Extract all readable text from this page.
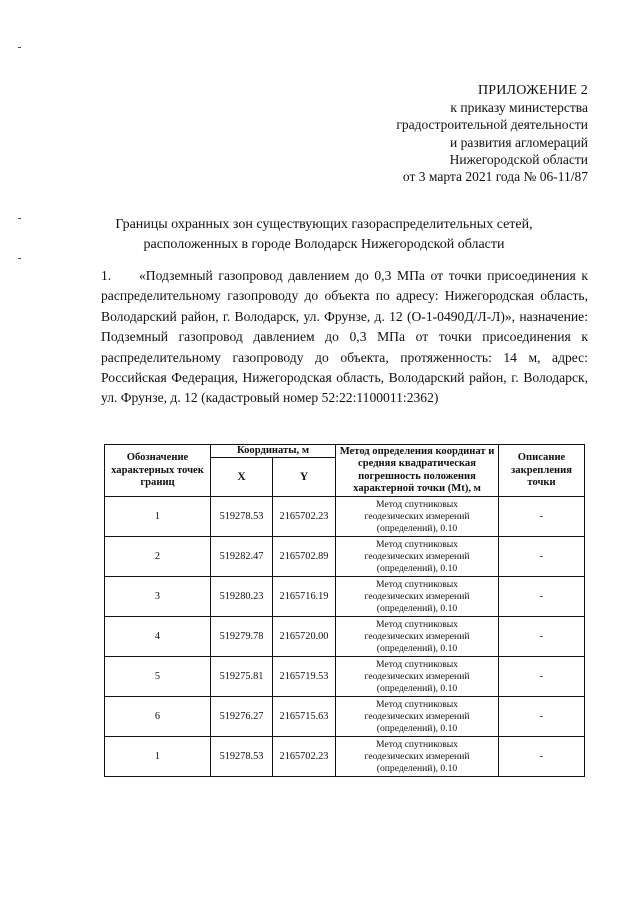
ПРИЛОЖЕНИЕ 2
к приказу министерства
градостроительной деятельности
и развития агломераций
Нижегородской области
от 3 марта 2021 года № 06-11/87
Границы охранных зон существующих газораспределительных сетей,
расположенных в городе Володарск Нижегородской области
1. «Подземный газопровод давлением до 0,3 МПа от точки присоединения к распределительному газопроводу до объекта по адресу: Нижегородская область, Володарский район, г. Володарск, ул. Фрунзе, д. 12 (О-1-0490Д/Л-Л)», назначение: Подземный газопровод давлением до 0,3 МПа от точки присоединения к распределительному газопроводу до объекта, протяженность: 14 м, адрес: Российская Федерация, Нижегородская область, Володарский район, г. Володарск, ул. Фрунзе, д. 12 (кадастровый номер 52:22:1100011:2362)
Обозначение характерных точек границ	Координаты, м		Метод определения координат и средняя квадратическая погрешность положения характерной точки (Mt), м	Описание закрепления точки
	X	Y		
1	519278.53	2165702.23	Метод спутниковых
геодезических измерений
(определений), 0.10	-
2	519282.47	2165702.89	Метод спутниковых
геодезических измерений
(определений), 0.10	-
3	519280.23	2165716.19	Метод спутниковых
геодезических измерений
(определений), 0.10	-
4	519279.78	2165720.00	Метод спутниковых
геодезических измерений
(определений), 0.10	-
5	519275.81	2165719.53	Метод спутниковых
геодезических измерений
(определений), 0.10	-
6	519276.27	2165715.63	Метод спутниковых
геодезических измерений
(определений), 0.10	-
1	519278.53	2165702.23	Метод спутниковых
геодезических измерений
(определений), 0.10	-
